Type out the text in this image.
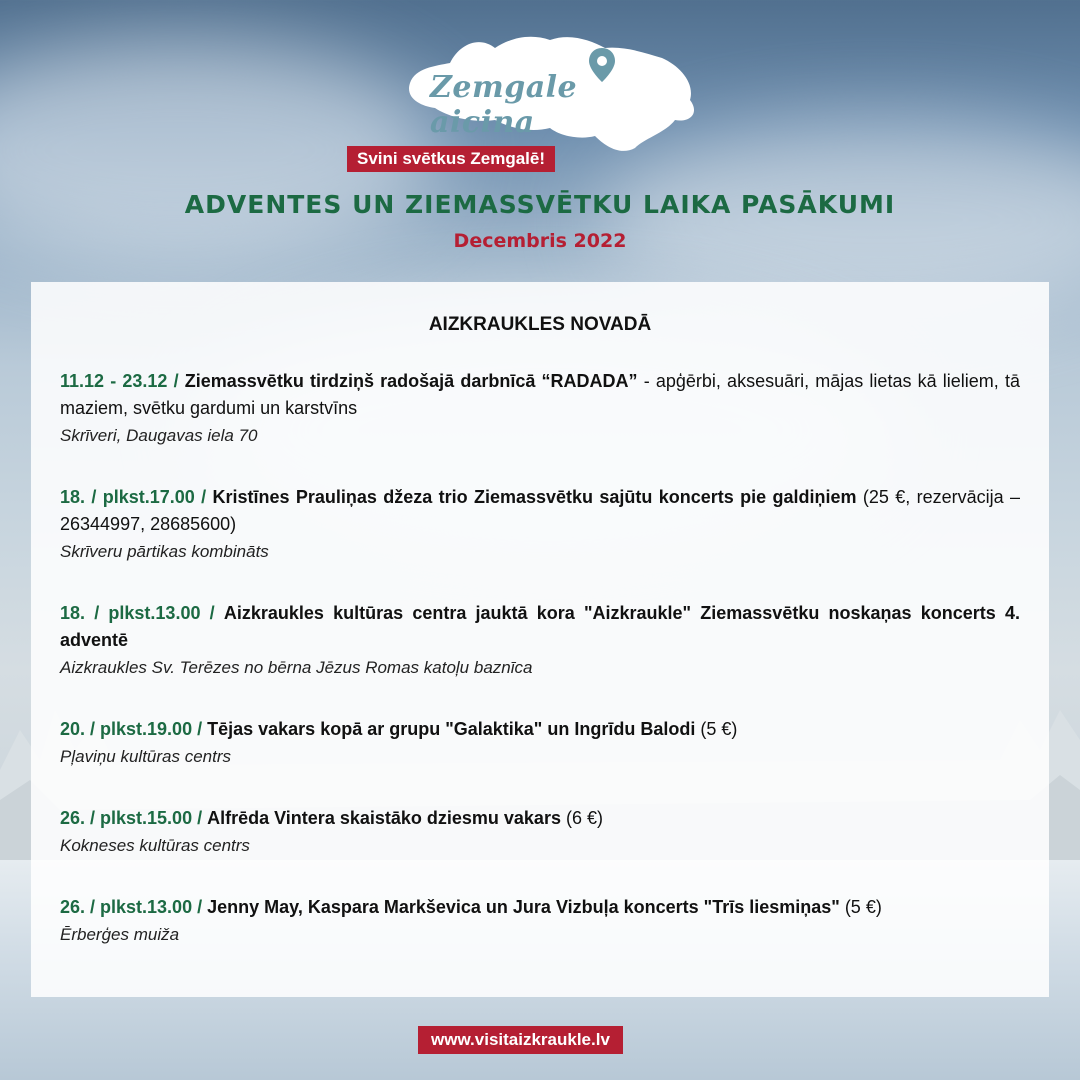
Zemgale aicina
Svini svētkus Zemgalē!
ADVENTES UN ZIEMASSVĒTKU LAIKA PASĀKUMI
Decembris 2022
AIZKRAUKLES NOVADĀ
11.12 - 23.12 / Ziemassvētku tirdziņš radošajā darbnīcā “RADADA” - apģērbi, aksesuāri, mājas lietas kā lieliem, tā maziem, svētku gardumi un karstvīns
Skrīveri, Daugavas iela 70
18. / plkst.17.00 / Kristīnes Prauliņas džeza trio Ziemassvētku sajūtu koncerts pie galdiņiem (25 €, rezervācija – 26344997, 28685600)
Skrīveru pārtikas kombināts
18. / plkst.13.00 / Aizkraukles kultūras centra jauktā kora "Aizkraukle" Ziemassvētku noskaņas koncerts 4. adventē
Aizkraukles Sv. Terēzes no bērna Jēzus Romas katoļu baznīca
20. / plkst.19.00 / Tējas vakars kopā ar grupu "Galaktika" un Ingrīdu Balodi (5 €)
Pļaviņu kultūras centrs
26. / plkst.15.00 / Alfrēda Vintera skaistāko dziesmu vakars (6 €)
Kokneses kultūras centrs
26. / plkst.13.00 / Jenny May, Kaspara Markševica un Jura Vizbuļa koncerts "Trīs liesmiņas" (5 €)
Ērberģes muiža
www.visitaizkraukle.lv
